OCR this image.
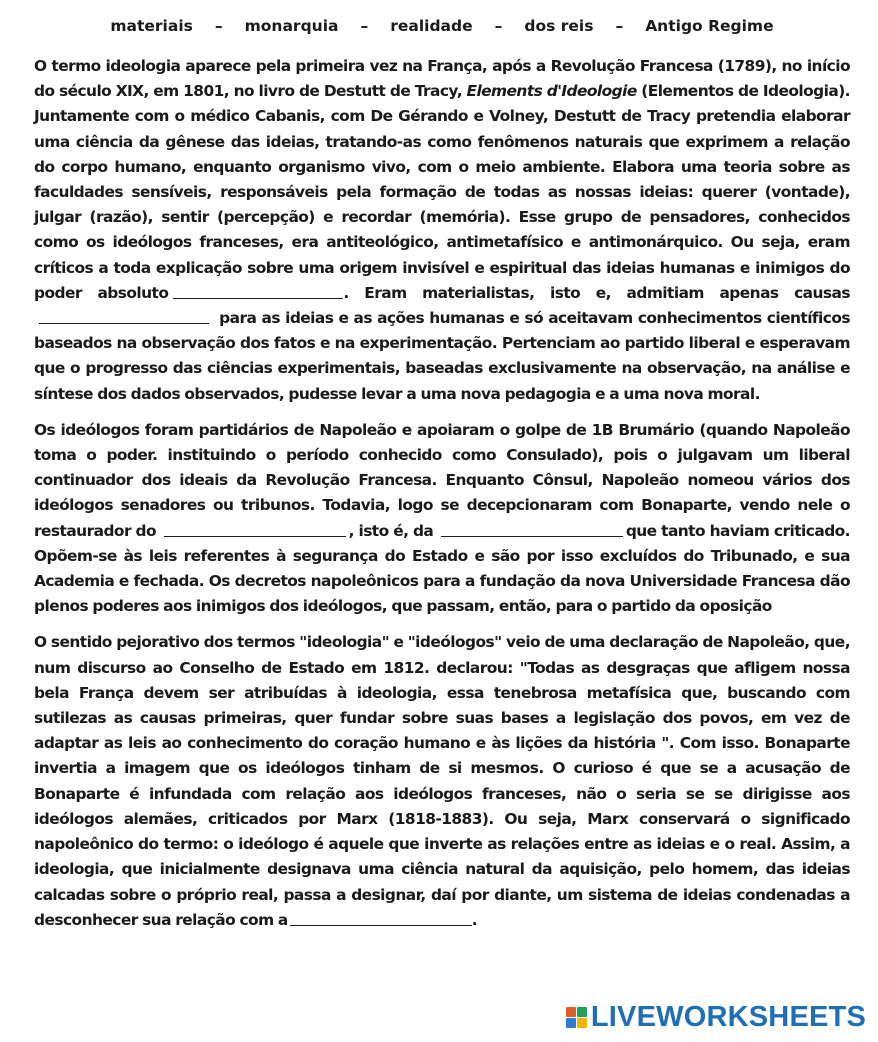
materiais	–	monarquia	–	realidade	–	dos reis	–	Antigo Regime

O termo ideologia aparece pela primeira vez na França, após a Revolução Francesa (1789), no início do século XIX, em 1801, no livro de Destutt de Tracy, Elements d'Ideologie (Elementos de Ideologia). Juntamente com o médico Cabanis, com De Gérando e Volney, Destutt de Tracy pretendia elaborar uma ciência da gênese das ideias, tratando-as como fenômenos naturais que exprimem a relação do corpo humano, enquanto organismo vivo, com o meio ambiente. Elabora uma teoria sobre as faculdades sensíveis, responsáveis pela formação de todas as nossas ideias: querer (vontade), julgar (razão), sentir (percepção) e recordar (memória). Esse grupo de pensadores, conhecidos como os ideólogos franceses, era antiteológico, antimetafísico e antimonárquico. Ou seja, eram críticos a toda explicação sobre uma origem invisível e espiritual das ideias humanas e inimigos do poder absoluto	. Eram materialistas, isto e, admitiam apenas causas  para as ideias e as ações humanas e só aceitavam conhecimentos científicos baseados na observação dos fatos e na experimentação. Pertenciam ao partido liberal e esperavam que o progresso das ciências experimentais, baseadas exclusivamente na observação, na análise e síntese dos dados observados, pudesse levar a uma nova pedagogia e a uma nova moral.

Os ideólogos foram partidários de Napoleão e apoiaram o golpe de 1B Brumário (quando Napoleão toma o poder. instituindo o período conhecido como Consulado), pois o julgavam um liberal continuador dos ideais da Revolução Francesa. Enquanto Cônsul, Napoleão nomeou vários dos ideólogos senadores ou tribunos. Todavia, logo se decepcionaram com Bonaparte, vendo nele o restaurador do	, isto é, da	que tanto haviam criticado. Opõem-se às leis referentes à segurança do Estado e são por isso excluídos do Tribunado, e sua Academia e fechada. Os decretos napoleônicos para a fundação da nova Universidade Francesa dão plenos poderes aos inimigos dos ideólogos, que passam, então, para o partido da oposição

O sentido pejorativo dos termos "ideologia" e "ideólogos" veio de uma declaração de Napoleão, que, num discurso ao Conselho de Estado em 1812. declarou: "Todas as desgraças que afligem nossa bela França devem ser atribuídas à ideologia, essa tenebrosa metafísica que, buscando com sutilezas as causas primeiras, quer fundar sobre suas bases a legislação dos povos, em vez de adaptar as leis ao conhecimento do coração humano e às lições da história ". Com isso. Bonaparte invertia a imagem que os ideólogos tinham de si mesmos. O curioso é que se a acusação de Bonaparte é infundada com relação aos ideólogos franceses, não o seria se se dirigisse aos ideólogos alemães, criticados por Marx (1818-1883). Ou seja, Marx conservará o significado napoleônico do termo: o ideólogo é aquele que inverte as relações entre as ideias e o real. Assim, a ideologia, que inicialmente designava uma ciência natural da aquisição, pelo homem, das ideias calcadas sobre o próprio real, passa a designar, daí por diante, um sistema de ideias condenadas a desconhecer sua relação com a	.

LIVEWORKSHEETS
